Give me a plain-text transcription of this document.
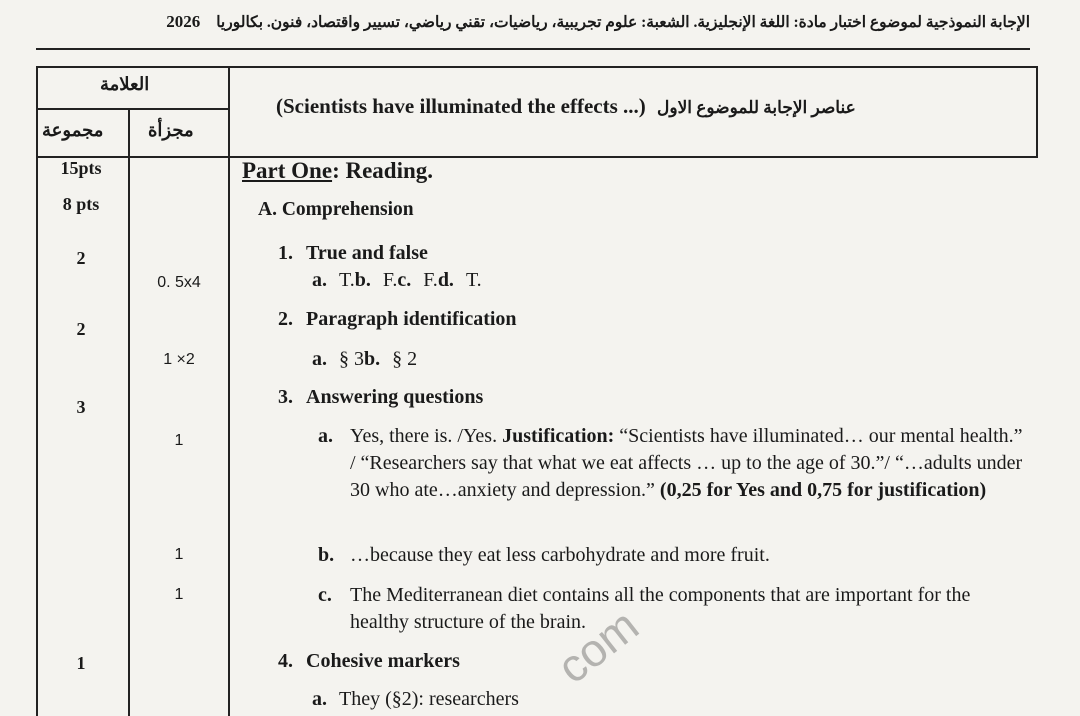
الإجابة النموذجية لموضوع اختبار مادة: اللغة الإنجليزية. الشعبة: علوم تجريبية، رياضيات، تقني رياضي، تسيير واقتصاد، فنون. بكالوريا
2026
العلامة
مجموعة مجزأة
(Scientists have illuminated the effects ...) عناصر الإجابة للموضوع الاول
15pts
8 pts
2
0. 5x4
2
1 ×2
3
1
1
1
1
Part One: Reading.
A. Comprehension
1. True and false
a. T.b. F.c. F.d. T.
2. Paragraph identification
a. § 3b. § 2
3. Answering questions
a. Yes, there is. /Yes. Justification: “Scientists have illuminated… our mental health.” / “Researchers say that what we eat affects … up to the age of 30.”/ “…adults under 30 who ate…anxiety and depression.” (0,25 for Yes and 0,75 for justification)
b. …because they eat less carbohydrate and more fruit.
c. The Mediterranean diet contains all the components that are important for the healthy structure of the brain.
4. Cohesive markers
a. They (§2): researchers
com
